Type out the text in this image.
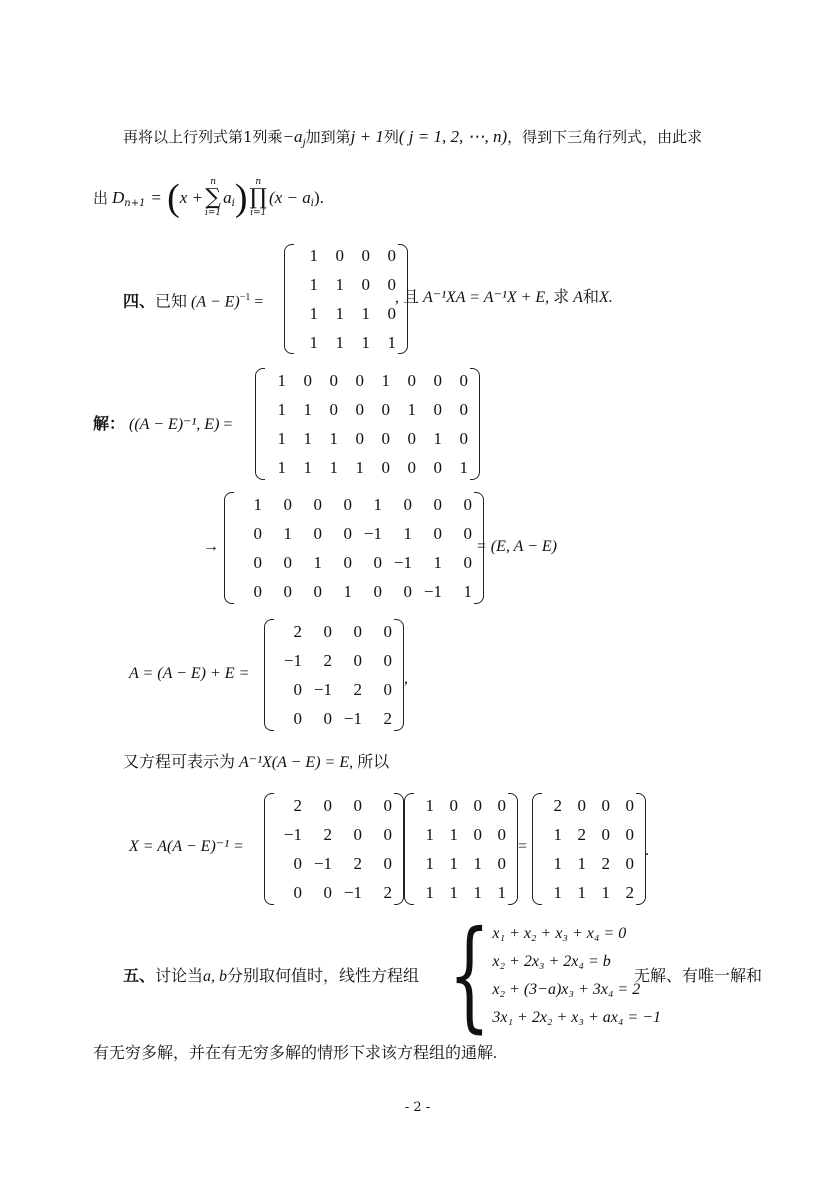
再将以上行列式第1列乘$-a_j$加到第j + 1列( j = 1, 2, ⋯, n)，得到下三角行列式，由此求
出 $D_{n+1}$ = ( x +
n
∑
i=1
$a_i$ ) n
∏
i=1
($x - a_i$ ).
四、已知 $(A - E)^{-1}$ =
1	0	0	0
1	1	0	0
1	1	1	0
1	1	1	1
, 且 A⁻¹XA = A⁻¹X + E, 求 A和X.
解： ((A − E)⁻¹, E) =
1	0	0	0	1	0	0	0
1	1	0	0	0	1	0	0
1	1	1	0	0	0	1	0
1	1	1	1	0	0	0	1
→
1	0	0	0	1	0	0	0
0	1	0	0 −1	1	0	0
0	0	1	0	0 −1	1	0
0	0	0	1	0	0 −1	1
= (E, A − E)
A = (A − E) + E =
2	0	0	0
−1	2	0	0
0 −1	2	0
0	0 −1	2
,
又方程可表示为 A⁻¹X(A − E) = E, 所以
X = A(A − E)⁻¹ =
2	0	0	0
−1	2	0	0
0 −1	2	0
0	0 −1	2
1 0 0 0
1 1 0 0
1 1 1 0
1 1 1 1
=
2 0 0 0
1 2 0 0
1 1 2 0
1 1 1 2
.
五、讨论当a, b分别取何值时，线性方程组 { x₁ + x₂ + x₃ + x₄ = 0
x₂ + 2x₃ + 2x₄ = b
x₂ + (3−a)x₃ + 3x₄ = 2
3x₁ + 2x₂ + x₃ + ax₄ = −1
无解、有唯一解和
有无穷多解，并在有无穷多解的情形下求该方程组的通解.
- 2 -
